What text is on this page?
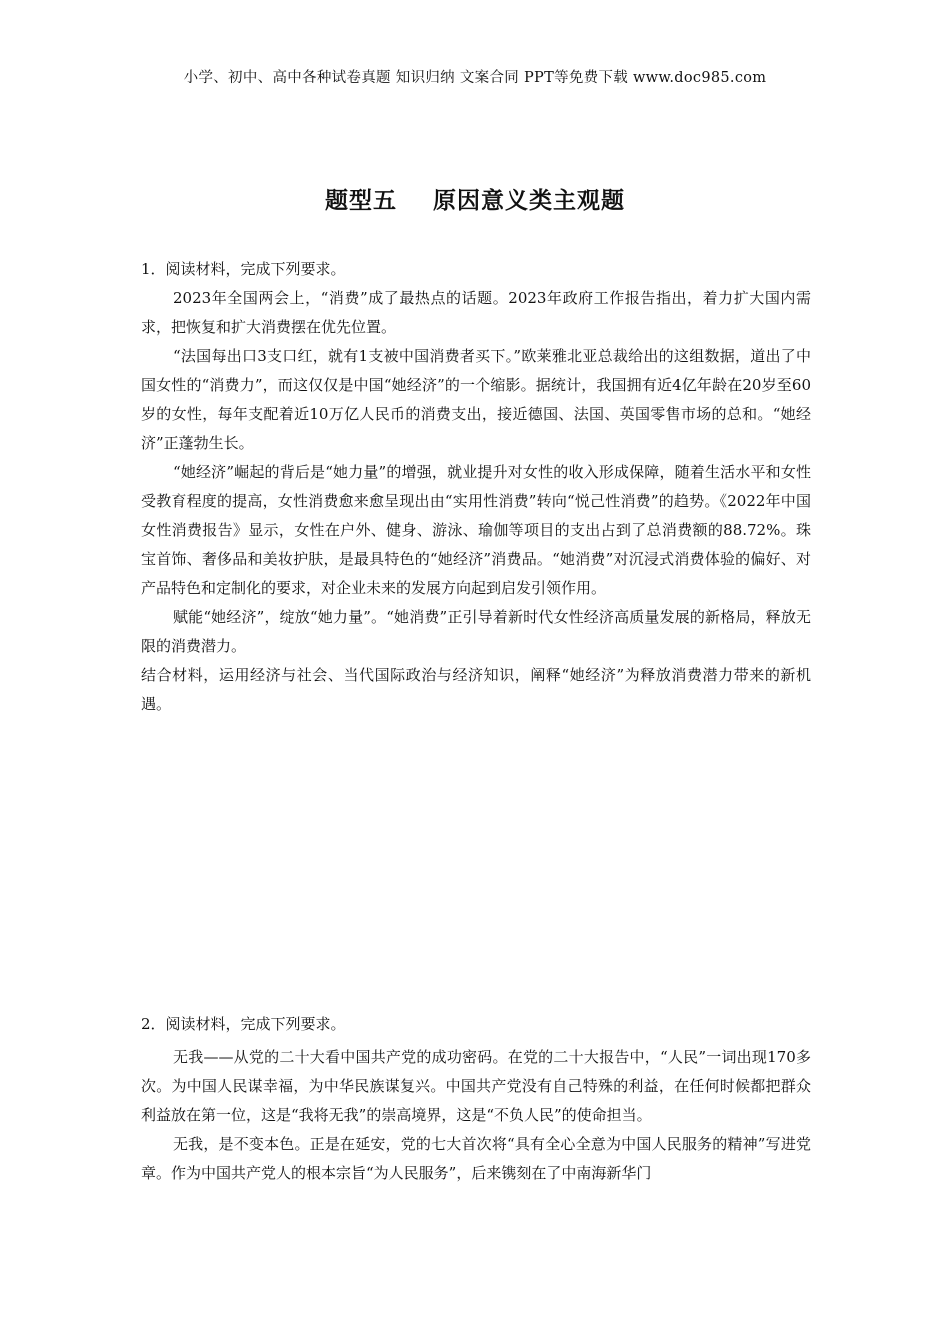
小学、初中、高中各种试卷真题 知识归纳 文案合同 PPT等免费下载 www.doc985.com
题型五    原因意义类主观题

1．阅读材料，完成下列要求。

2023年全国两会上，“消费”成了最热点的话题。2023年政府工作报告指出，着力扩大国内需求，把恢复和扩大消费摆在优先位置。

“法国每出口3支口红，就有1支被中国消费者买下。”欧莱雅北亚总裁给出的这组数据，道出了中国女性的“消费力”，而这仅仅是中国“她经济”的一个缩影。据统计，我国拥有近4亿年龄在20岁至60岁的女性，每年支配着近10万亿人民币的消费支出，接近德国、法国、英国零售市场的总和。“她经济”正蓬勃生长。

“她经济”崛起的背后是“她力量”的增强，就业提升对女性的收入形成保障，随着生活水平和女性受教育程度的提高，女性消费愈来愈呈现出由“实用性消费”转向“悦己性消费”的趋势。《2022年中国女性消费报告》显示，女性在户外、健身、游泳、瑜伽等项目的支出占到了总消费额的88.72%。珠宝首饰、奢侈品和美妆护肤，是最具特色的“她经济”消费品。“她消费”对沉浸式消费体验的偏好、对产品特色和定制化的要求，对企业未来的发展方向起到启发引领作用。

赋能“她经济”，绽放“她力量”。“她消费”正引导着新时代女性经济高质量发展的新格局，释放无限的消费潜力。

结合材料，运用经济与社会、当代国际政治与经济知识，阐释“她经济”为释放消费潜力带来的新机遇。

2．阅读材料，完成下列要求。

无我——从党的二十大看中国共产党的成功密码。在党的二十大报告中，“人民”一词出现170多次。为中国人民谋幸福，为中华民族谋复兴。中国共产党没有自己特殊的利益，在任何时候都把群众利益放在第一位，这是“我将无我”的崇高境界，这是“不负人民”的使命担当。

无我，是不变本色。正是在延安，党的七大首次将“具有全心全意为中国人民服务的精神”写进党章。作为中国共产党人的根本宗旨“为人民服务”，后来镌刻在了中南海新华门
